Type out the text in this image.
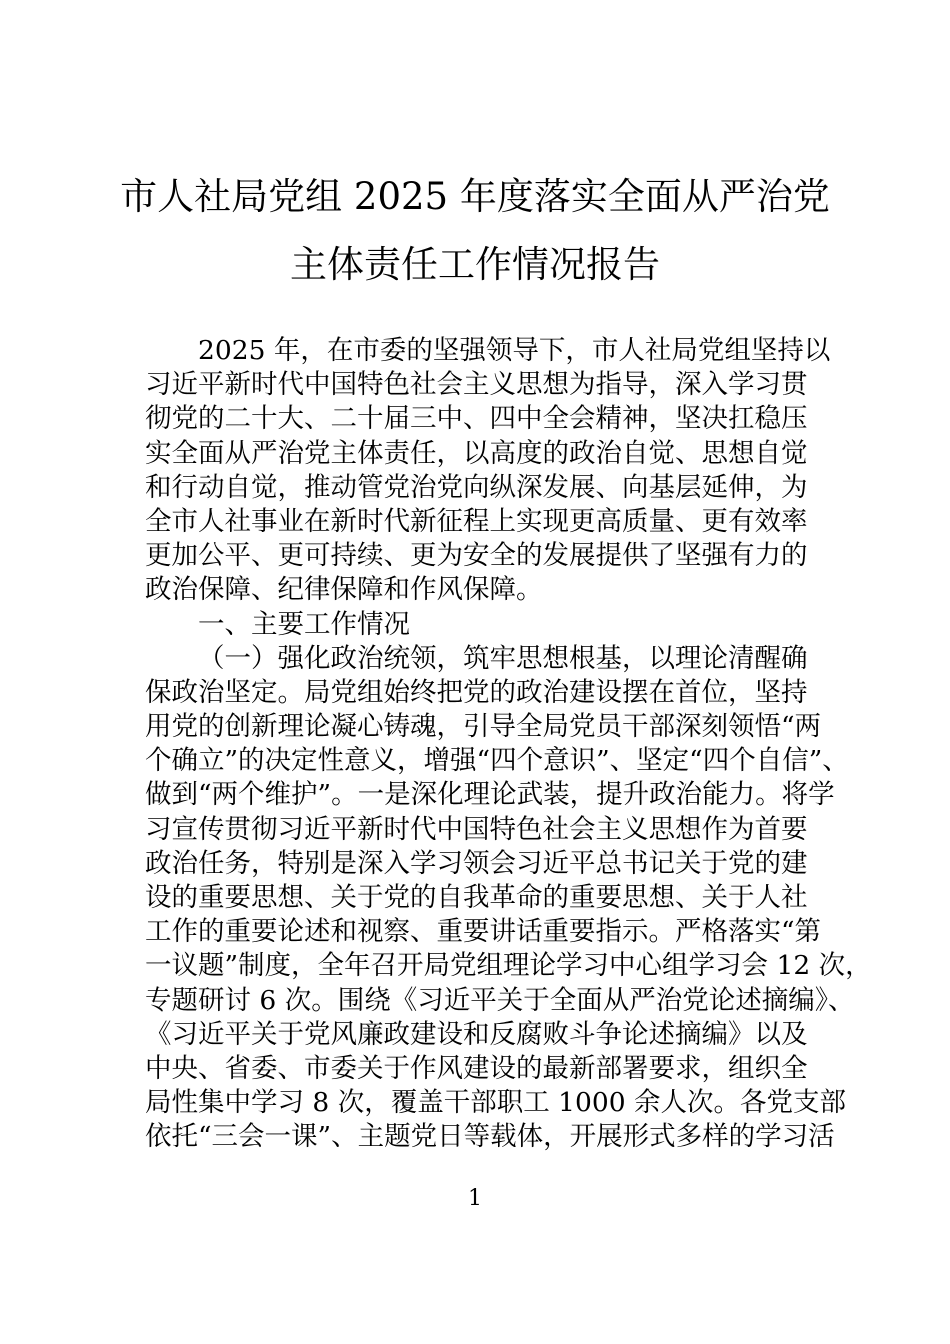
市人社局党组 2025 年度落实全面从严治党
主体责任工作情况报告
2025 年，在市委的坚强领导下，市人社局党组坚持以
习近平新时代中国特色社会主义思想为指导，深入学习贯
彻党的二十大、二十届三中、四中全会精神，坚决扛稳压
实全面从严治党主体责任，以高度的政治自觉、思想自觉
和行动自觉，推动管党治党向纵深发展、向基层延伸，为
全市人社事业在新时代新征程上实现更高质量、更有效率
更加公平、更可持续、更为安全的发展提供了坚强有力的
政治保障、纪律保障和作风保障。
一、主要工作情况
（一）强化政治统领，筑牢思想根基，以理论清醒确
保政治坚定。局党组始终把党的政治建设摆在首位，坚持
用党的创新理论凝心铸魂，引导全局党员干部深刻领悟“两
个确立”的决定性意义，增强“四个意识”、坚定“四个自信”、
做到“两个维护”。一是深化理论武装，提升政治能力。将学
习宣传贯彻习近平新时代中国特色社会主义思想作为首要
政治任务，特别是深入学习领会习近平总书记关于党的建
设的重要思想、关于党的自我革命的重要思想、关于人社
工作的重要论述和视察、重要讲话重要指示。严格落实“第
一议题”制度，全年召开局党组理论学习中心组学习会 12 次，
专题研讨 6 次。围绕《习近平关于全面从严治党论述摘编》、
《习近平关于党风廉政建设和反腐败斗争论述摘编》以及
中央、省委、市委关于作风建设的最新部署要求，组织全
局性集中学习 8 次，覆盖干部职工 1000 余人次。各党支部
依托“三会一课”、主题党日等载体，开展形式多样的学习活
1
